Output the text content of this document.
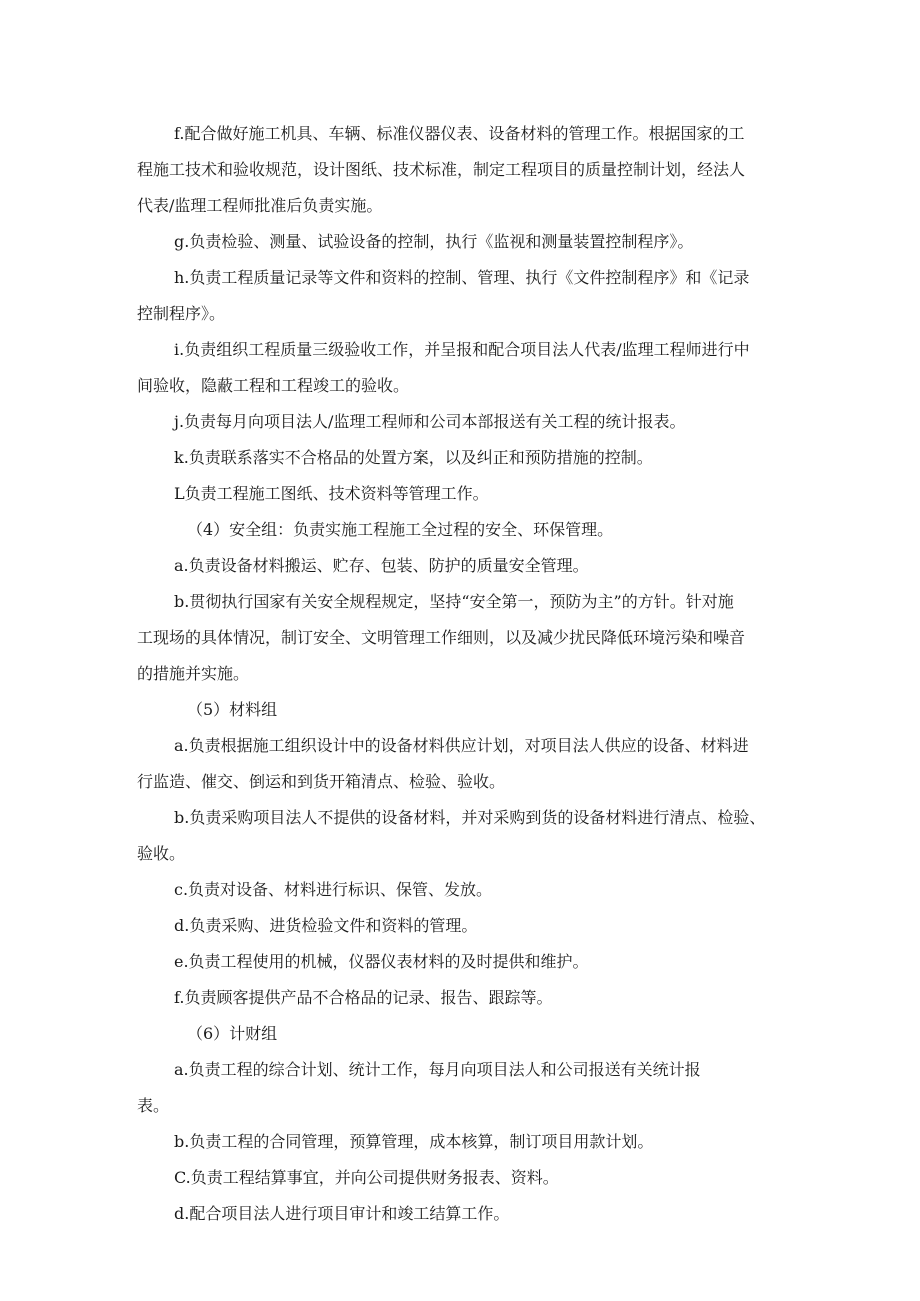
f.配合做好施工机具、车辆、标准仪器仪表、设备材料的管理工作。根据国家的工
程施工技术和验收规范，设计图纸、技术标准，制定工程项目的质量控制计划，经法人
代表/监理工程师批准后负责实施。
g.负责检验、测量、试验设备的控制，执行《监视和测量装置控制程序》。
h.负责工程质量记录等文件和资料的控制、管理、执行《文件控制程序》和《记录
控制程序》。
i.负责组织工程质量三级验收工作，并呈报和配合项目法人代表/监理工程师进行中
间验收，隐蔽工程和工程竣工的验收。
j.负责每月向项目法人/监理工程师和公司本部报送有关工程的统计报表。
k.负责联系落实不合格品的处置方案，以及纠正和预防措施的控制。
L负责工程施工图纸、技术资料等管理工作。
（4）安全组：负责实施工程施工全过程的安全、环保管理。
a.负责设备材料搬运、贮存、包装、防护的质量安全管理。
b.贯彻执行国家有关安全规程规定，坚持“安全第一，预防为主”的方针。针对施
工现场的具体情况，制订安全、文明管理工作细则，以及减少扰民降低环境污染和噪音
的措施并实施。
（5）材料组
a.负责根据施工组织设计中的设备材料供应计划，对项目法人供应的设备、材料进
行监造、催交、倒运和到货开箱清点、检验、验收。
b.负责采购项目法人不提供的设备材料，并对采购到货的设备材料进行清点、检验、
验收。
c.负责对设备、材料进行标识、保管、发放。
d.负责采购、进货检验文件和资料的管理。
e.负责工程使用的机械，仪器仪表材料的及时提供和维护。
f.负责顾客提供产品不合格品的记录、报告、跟踪等。
（6）计财组
a.负责工程的综合计划、统计工作，每月向项目法人和公司报送有关统计报
表。
b.负责工程的合同管理，预算管理，成本核算，制订项目用款计划。
C.负责工程结算事宜，并向公司提供财务报表、资料。
d.配合项目法人进行项目审计和竣工结算工作。
